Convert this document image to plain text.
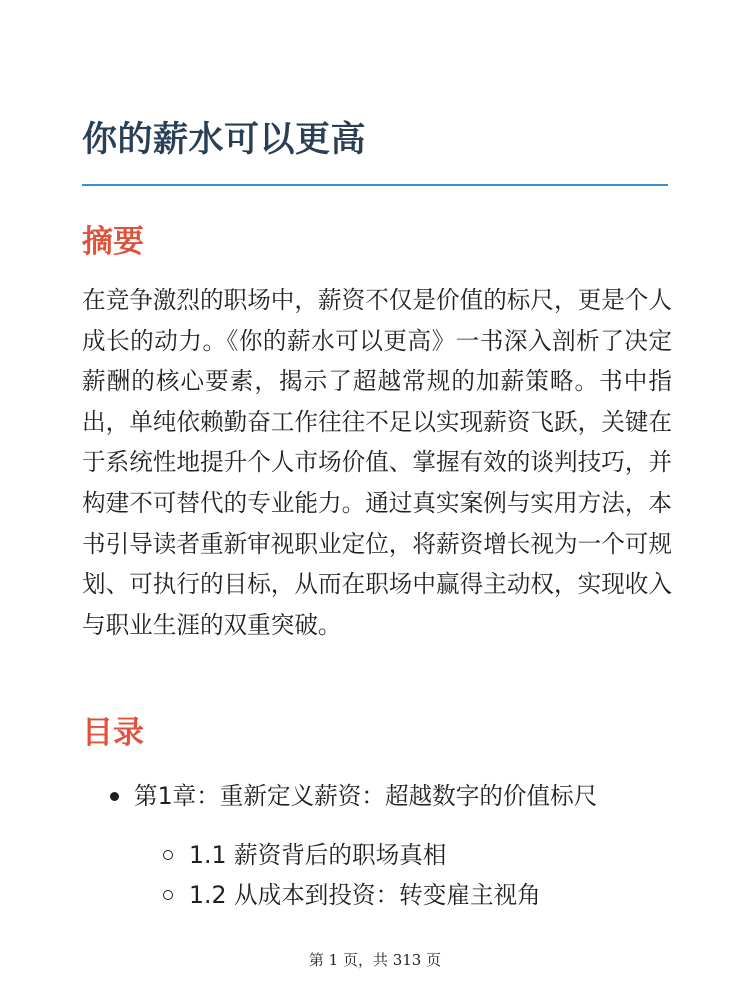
你的薪水可以更高
摘要

在竞争激烈的职场中，薪资不仅是价值的标尺，更是个人成长的动力。《你的薪水可以更高》一书深入剖析了决定薪酬的核心要素，揭示了超越常规的加薪策略。书中指出，单纯依赖勤奋工作往往不足以实现薪资飞跃，关键在于系统性地提升个人市场价值、掌握有效的谈判技巧，并构建不可替代的专业能力。通过真实案例与实用方法，本书引导读者重新审视职业定位，将薪资增长视为一个可规划、可执行的目标，从而在职场中赢得主动权，实现收入与职业生涯的双重突破。

目录
第1章：重新定义薪资：超越数字的价值标尺
1.1 薪资背后的职场真相
1.2 从成本到投资：转变雇主视角
第 1 页，共 313 页
